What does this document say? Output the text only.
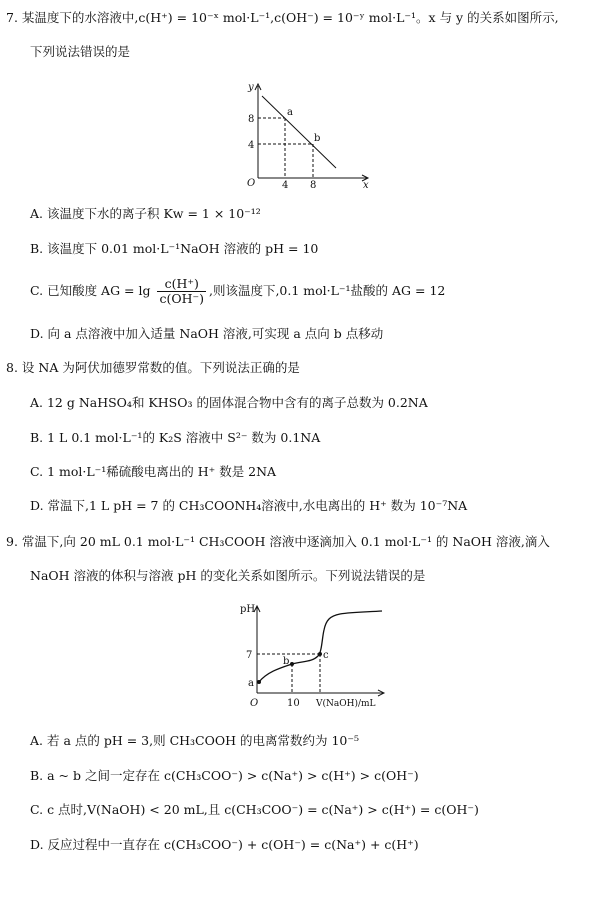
7. 某温度下的水溶液中,c(H⁺) = 10⁻ˣ mol·L⁻¹,c(OH⁻) = 10⁻ʸ mol·L⁻¹。x 与 y 的关系如图所示,
下列说法错误的是
y
8
4
O	4 8	x
a
b
A. 该温度下水的离子积 Kw = 1 × 10⁻¹²
B. 该温度下 0.01 mol·L⁻¹NaOH 溶液的 pH = 10
C. 已知酸度 AG = $\lg \frac{c(H^+)}{c(OH^-)}$ ,则该温度下,0.1 mol·L⁻¹盐酸的 AG = 12
D. 向 a 点溶液中加入适量 NaOH 溶液,可实现 a 点向 b 点移动
8. 设 NA 为阿伏加德罗常数的值。下列说法正确的是
A. 12 g NaHSO₄和 KHSO₃ 的固体混合物中含有的离子总数为 0.2NA
B. 1 L 0.1 mol·L⁻¹的 K₂S 溶液中 S²⁻ 数为 0.1NA
C. 1 mol·L⁻¹稀硫酸电离出的 H⁺ 数是 2NA
D. 常温下,1 L pH = 7 的 CH₃COONH₄溶液中,水电离出的 H⁺ 数为 10⁻⁷NA
9. 常温下,向 20 mL 0.1 mol·L⁻¹ CH₃COOH 溶液中逐滴加入 0.1 mol·L⁻¹ 的 NaOH 溶液,滴入
NaOH 溶液的体积与溶液 pH 的变化关系如图所示。下列说法错误的是
pH
7
a
b
c
O	10 V(NaOH)/mL
A. 若 a 点的 pH = 3,则 CH₃COOH 的电离常数约为 10⁻⁵
B. a ~ b 之间一定存在 c(CH₃COO⁻) > c(Na⁺) > c(H⁺) > c(OH⁻)
C. c 点时,V(NaOH) < 20 mL,且 c(CH₃COO⁻) = c(Na⁺) > c(H⁺) = c(OH⁻)
D. 反应过程中一直存在 c(CH₃COO⁻) + c(OH⁻) = c(Na⁺) + c(H⁺)
